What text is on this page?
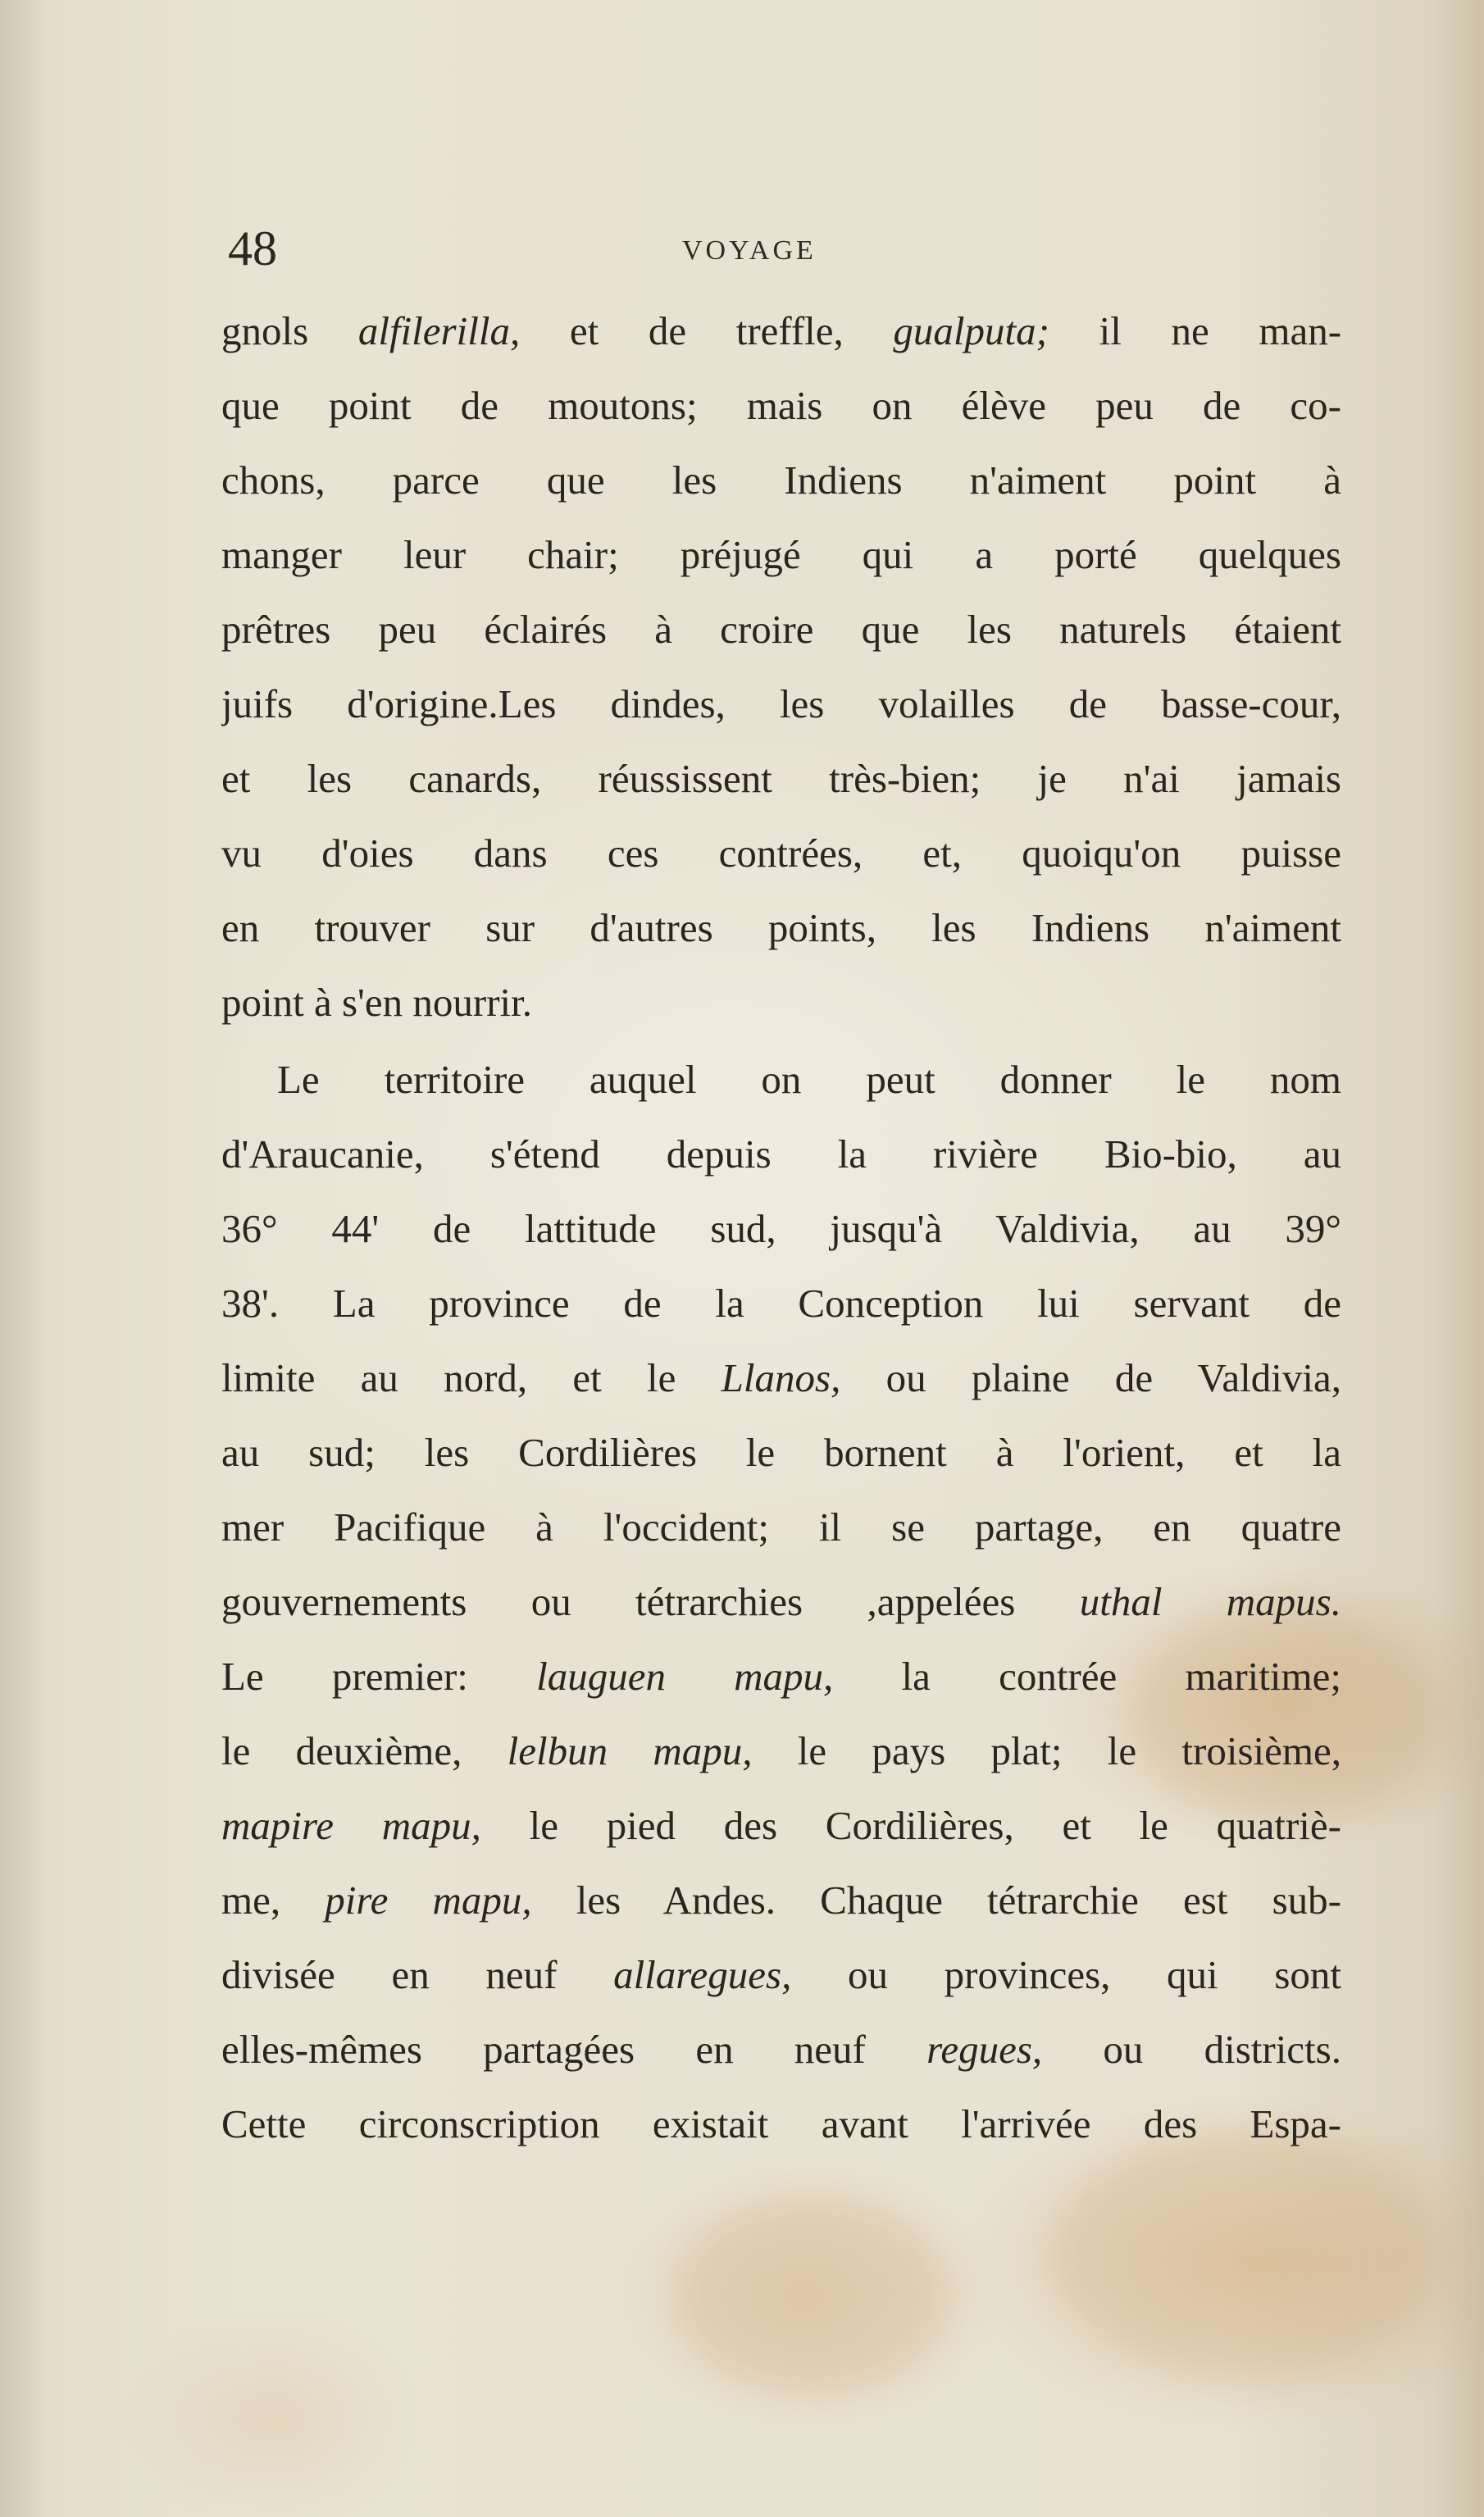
48	VOYAGE
gnols alfilerilla, et de treffle, gualputa; il ne man-
que point de moutons; mais on élève peu de co-
chons, parce que les Indiens n'aiment point à
manger leur chair; préjugé qui a porté quelques
prêtres peu éclairés à croire que les naturels étaient
juifs d'origine.Les dindes, les volailles de basse-cour,
et les canards, réussissent très-bien; je n'ai jamais
vu d'oies dans ces contrées, et, quoiqu'on puisse
en trouver sur d'autres points, les Indiens n'aiment
point à s'en nourrir.
Le territoire auquel on peut donner le nom
d'Araucanie, s'étend depuis la rivière Bio-bio, au
36° 44' de lattitude sud, jusqu'à Valdivia, au 39°
38'. La province de la Conception lui servant de
limite au nord, et le Llanos, ou plaine de Valdivia,
au sud; les Cordilières le bornent à l'orient, et la
mer Pacifique à l'occident; il se partage, en quatre
gouvernements ou tétrarchies ,appelées uthal mapus.
Le premier: lauguen mapu, la contrée maritime;
le deuxième, lelbun mapu, le pays plat; le troisième,
mapire mapu, le pied des Cordilières, et le quatriè-
me, pire mapu, les Andes. Chaque tétrarchie est sub-
divisée en neuf allaregues, ou provinces, qui sont
elles-mêmes partagées en neuf regues, ou districts.
Cette circonscription existait avant l'arrivée des Espa-
